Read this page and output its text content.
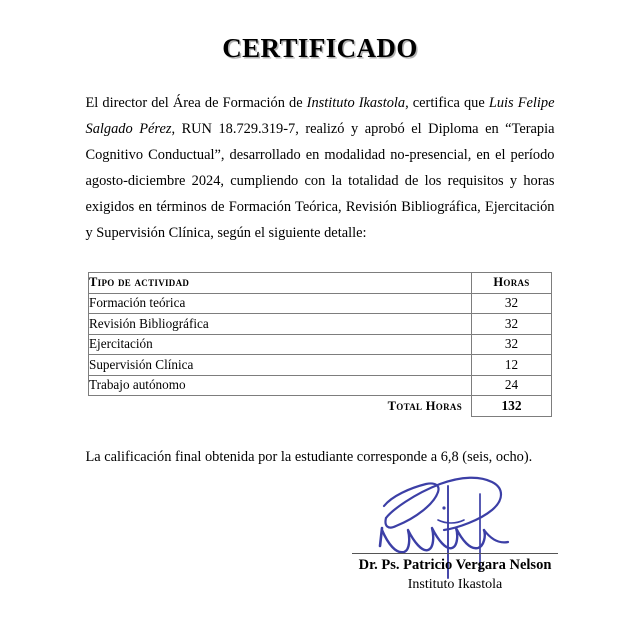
CERTIFICADO

El director del Área de Formación de Instituto Ikastola, certifica que Luis Felipe Salgado Pérez, RUN 18.729.319-7, realizó y aprobó el Diploma en “Terapia Cognitivo Conductual”, desarrollado en modalidad no-presencial, en el período agosto-diciembre 2024, cumpliendo con la totalidad de los requisitos y horas exigidos en términos de Formación Teórica, Revisión Bibliográfica, Ejercitación y Supervisión Clínica, según el siguiente detalle:

Tipo de actividad	Horas
Formación teórica	32
Revisión Bibliográfica	32
Ejercitación	32
Supervisión Clínica	12
Trabajo autónomo	24
Total Horas	132

La calificación final obtenida por la estudiante corresponde a 6,8 (seis, ocho).

Dr. Ps. Patricio Vergara Nelson
Instituto Ikastola
